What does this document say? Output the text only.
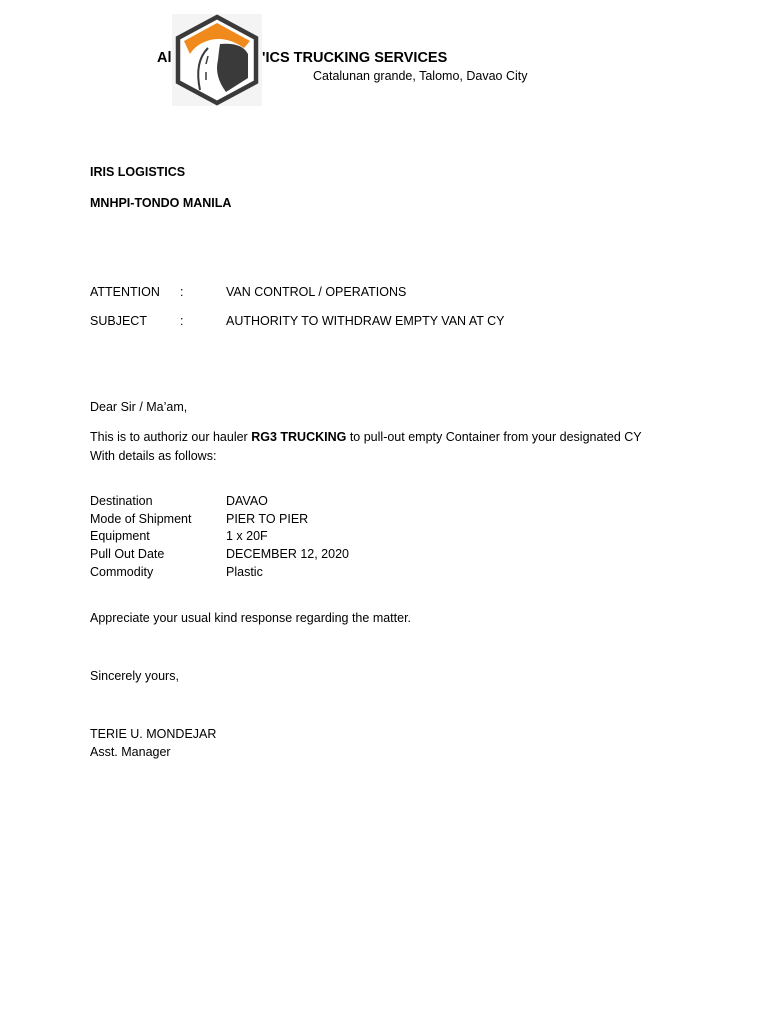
Al	'ICS TRUCKING SERVICES
Catalunan grande, Talomo, Davao City
IRIS LOGISTICS
MNHPI-TONDO MANILA
ATTENTION :	VAN CONTROL / OPERATIONS
SUBJECT	:	AUTHORITY TO WITHDRAW EMPTY VAN AT CY
Dear Sir / Ma’am,
This is to authoriz our hauler RG3 TRUCKING to pull-out empty Container from your designated CY
With details as follows:
Destination	DAVAO
Mode of Shipment	PIER TO PIER
Equipment	1 x 20F
Pull Out Date	DECEMBER 12, 2020
Commodity	Plastic
Appreciate your usual kind response regarding the matter.
Sincerely yours,
TERIE U. MONDEJAR
Asst. Manager
